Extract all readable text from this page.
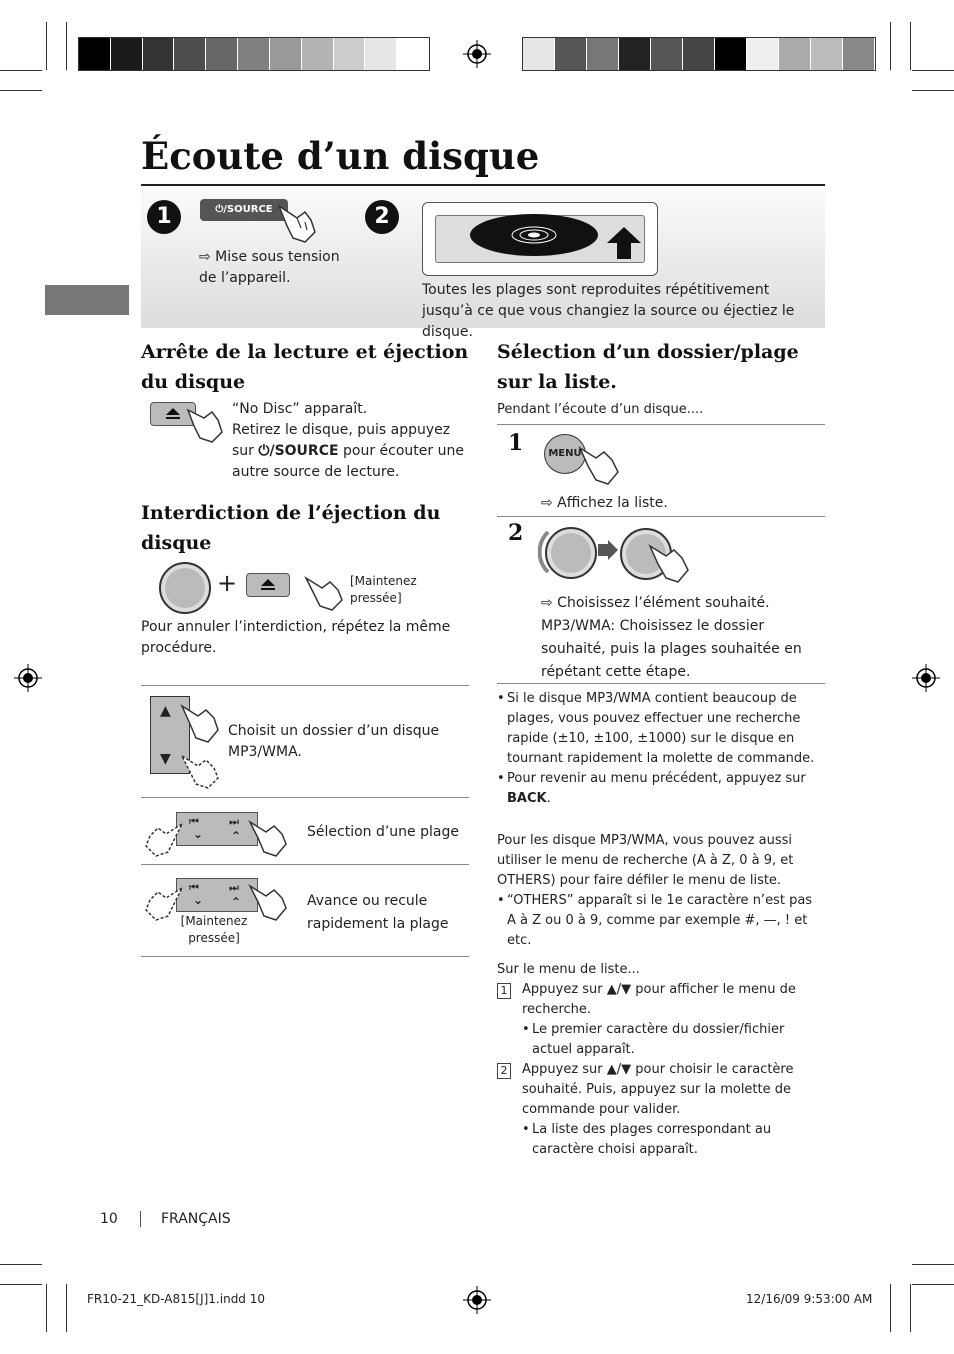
Écoute d’un disque
1	⏻/SOURCE
⇨ Mise sous tension de l’appareil.
2
Toutes les plages sont reproduites répétitivement jusqu’à ce que vous changiez la source ou éjectiez le disque.
Arrête de la lecture et éjection du disque
“No Disc” apparaît.
Retirez le disque, puis appuyez sur ⏻/SOURCE pour écouter une autre source de lecture.
Interdiction de l’éjection du disque
+	[Maintenez pressée]
Pour annuler l’interdiction, répétez la même procédure.
▲
▼
Choisit un dossier d’un disque MP3/WMA.
⏮	⏭
⌄ ⌃	Sélection d’une plage
⏮	⏭
⌄ ⌃
[Maintenez pressée]
Avance ou recule rapidement la plage
Sélection d’un dossier/plage sur la liste.
Pendant l’écoute d’un disque....
1	MENU
⇨ Affichez la liste.
2
⇨ Choisissez l’élément souhaité.
MP3/WMA: Choisissez le dossier souhaité, puis la plages souhaitée en répétant cette étape.
• Si le disque MP3/WMA contient beaucoup de plages, vous pouvez effectuer une recherche rapide (±10, ±100, ±1000) sur le disque en tournant rapidement la molette de commande.
• Pour revenir au menu précédent, appuyez sur BACK.
Pour les disque MP3/WMA, vous pouvez aussi utiliser le menu de recherche (A à Z, 0 à 9, et OTHERS) pour faire défiler le menu de liste.
• “OTHERS” apparaît si le 1e caractère n’est pas A à Z ou 0 à 9, comme par exemple #, —, ! et etc.
Sur le menu de liste...
1 Appuyez sur ▲/▼ pour afficher le menu de recherche.
• Le premier caractère du dossier/fichier actuel apparaît.
2 Appuyez sur ▲/▼ pour choisir le caractère souhaité. Puis, appuyez sur la molette de commande pour valider.
• La liste des plages correspondant au caractère choisi apparaît.
10	FRANÇAIS
FR10-21_KD-A815[J]1.indd 10	12/16/09 9:53:00 AM
